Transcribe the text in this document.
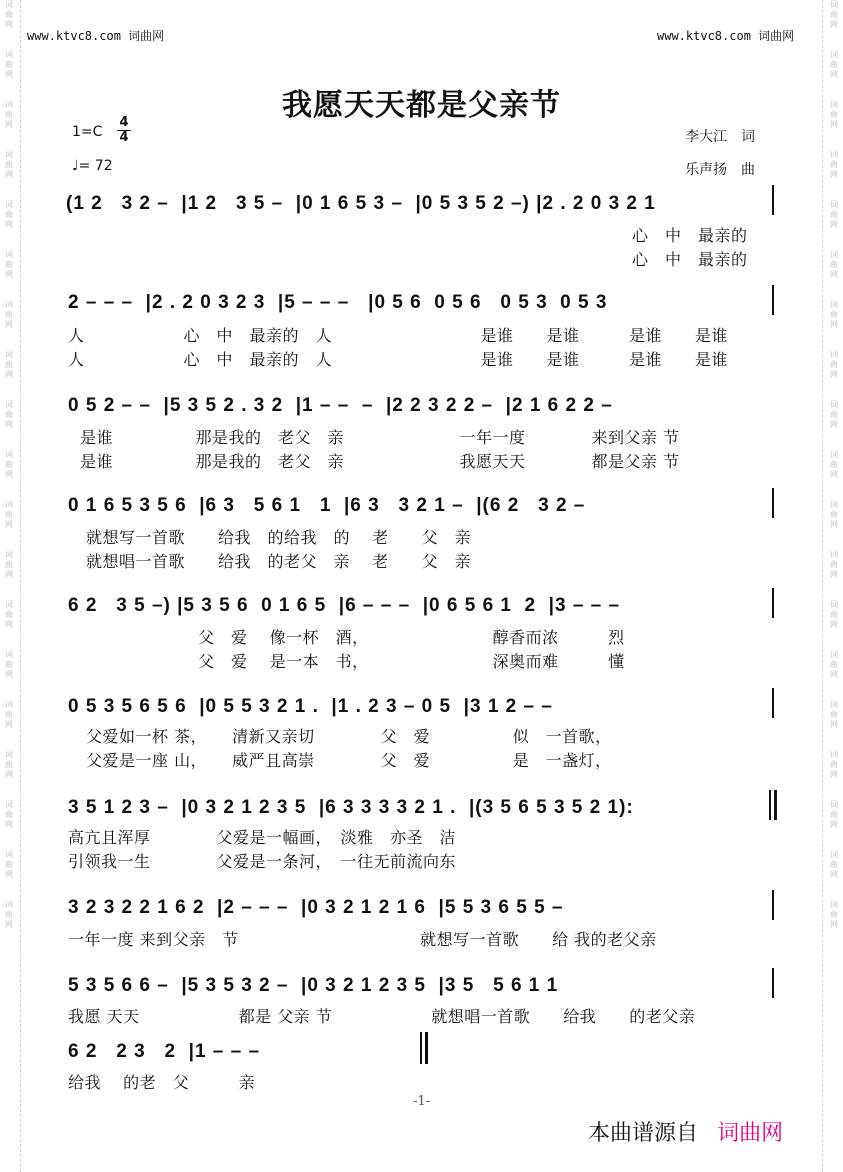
词
曲
网

词
曲
网

词
曲
网

词
曲
网

词
曲
网

词
曲
网

词
曲
网

词
曲
网

词
曲
网

词
曲
网

词
曲
网

词
曲
网

词
曲
网

词
曲
网

词
曲
网

词
曲
网

词
曲
网

词
曲
网

词
曲
网

词
曲
网

词
曲
网

词
曲
网

词
曲
网

词
曲
网

词
曲
网

词
曲
网

词
曲
网

词
曲
网

词
曲
网

词
曲
网

词
曲
网

词
曲
网

词
曲
网

词
曲
网

词
曲
网

词
曲
网

词
曲
网

词
曲
网

www.ktvc8.com 词曲网	www.ktvc8.com 词曲网
我愿天天都是父亲节
1=C
4
4
♩= 72
李大江　词
乐声扬　曲
(1 2   3 2 –  |1 2   3 5 –  |0 1 6 5 3 –  |0 5 3 5 2 –) |2 . 2 0 3 2 1
心　中　最亲的
心　中　最亲的
2 – – –  |2 . 2 0 3 2 3  |5 – – –   |0 5 6  0 5 6   0 5 3  0 5 3
人　　　　　　心　中　最亲的　人　　　　　　　　　是谁　　是谁　　　是谁　　是谁
人　　　　　　心　中　最亲的　人　　　　　　　　　是谁　　是谁　　　是谁　　是谁
0 5 2 – –  |5 3 5 2 . 3 2  |1 – –  –  |2 2 3 2 2 –  |2 1 6 2 2 –
是谁　　　　　那是我的　老父　亲　　　　　　　一年一度　　　　来到父亲 节
是谁　　　　　那是我的　老父　亲　　　　　　　我愿天天　　　　都是父亲 节
0 1 6 5 3 5 6  |6 3   5 6 1   1  |6 3   3 2 1 –  |(6 2   3 2 –
就想写一首歌　　给我　的给我　的　 老　　父　亲
就想唱一首歌　　给我　的老父　亲　 老　　父　亲
6 2   3 5 –) |5 3 5 6  0 1 6 5  |6 – – –  |0 6 5 6 1  2  |3 – – –
父　爱　 像一杯　酒，　　　　　　　　醇香而浓　　　烈
父　爱　 是一本　书，　　　　　　　　深奥而难　　　懂
0 5 3 5 6 5 6  |0 5 5 3 2 1 .  |1 . 2 3 – 0 5  |3 1 2 – –
父爱如一杯 茶，　　清新又亲切　　　　父　爱　　　　　似　一首歌，
父爱是一座 山，　　威严且高崇　　　　父　爱　　　　　是　一盏灯，
3 5 1 2 3 –  |0 3 2 1 2 3 5  |6 3 3 3 3 2 1 .  |(3 5 6 5 3 5 2 1):
高亢且浑厚　　　　父爱是一幅画，　淡雅　亦圣　洁
引领我一生　　　　父爱是一条河，　一往无前流向东
3 2 3 2 2 1 6 2  |2 – – –  |0 3 2 1 2 1 6  |5 5 3 6 5 5 –
一年一度 来到父亲　节　　　　　　　　　　　就想写一首歌　　给 我的老父亲
5 3 5 6 6 –  |5 3 5 3 2 –  |0 3 2 1 2 3 5  |3 5   5 6 1 1
我愿 天天　　　　　　都是 父亲 节　　　　　　就想唱一首歌　　给我　　的老父亲
6 2   2 3   2  |1 – – –
给我　 的老　父　　　亲
-1-
本曲谱源自 词曲网
